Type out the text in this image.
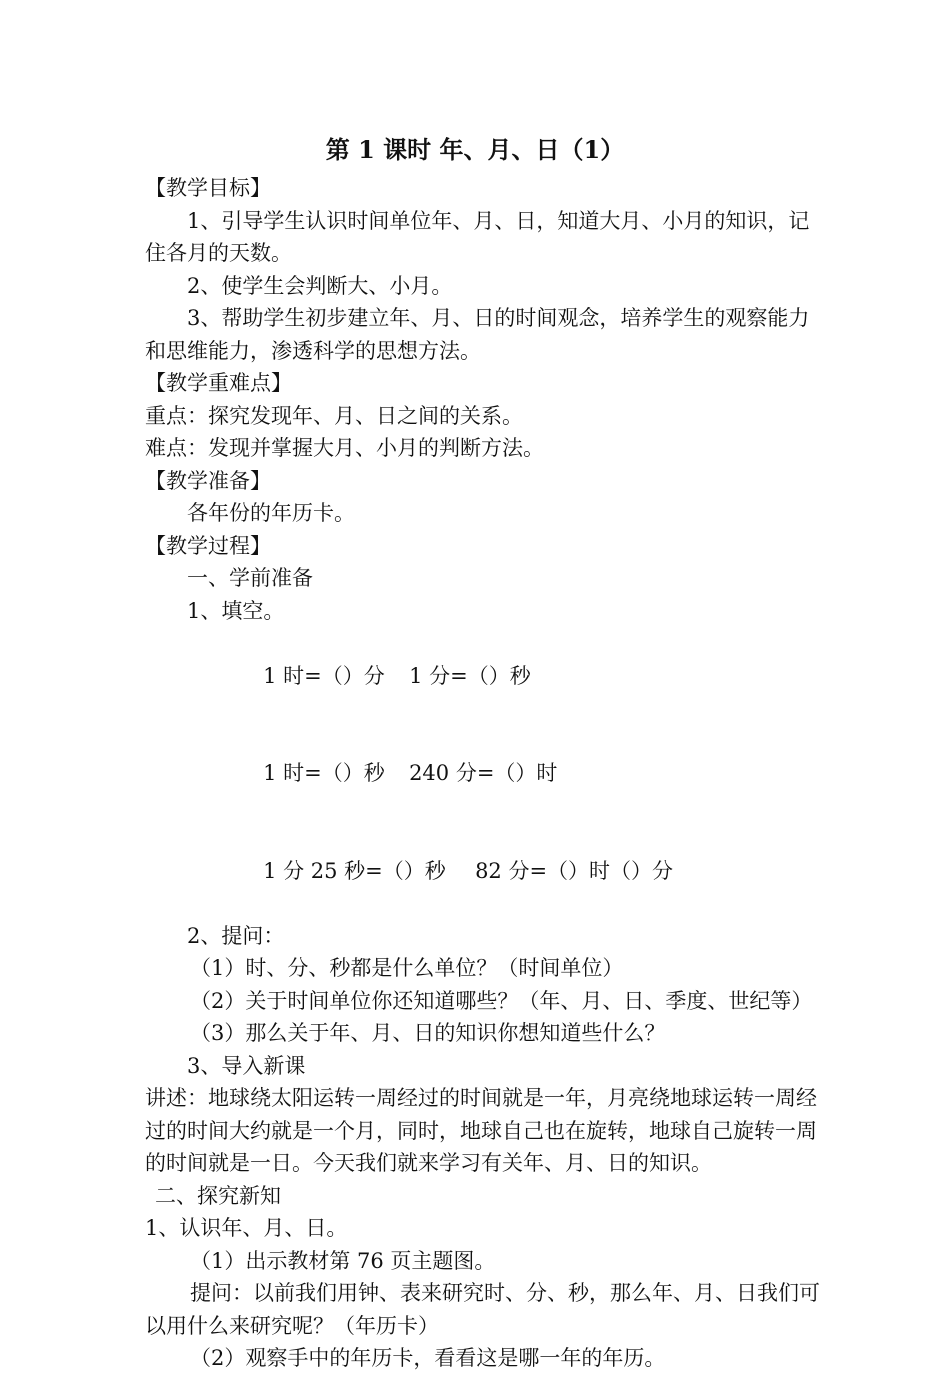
第 1 课时 年、月、日（1）

【教学目标】

1、引导学生认识时间单位年、月、日，知道大月、小月的知识，记住各月的天数。

2、使学生会判断大、小月。

3、帮助学生初步建立年、月、日的时间观念，培养学生的观察能力和思维能力，渗透科学的思想方法。

【教学重难点】

重点：探究发现年、月、日之间的关系。

难点：发现并掌握大月、小月的判断方法。

【教学准备】

各年份的年历卡。

【教学过程】

一、学前准备

1、填空。

1 时=（）分 1 分=（）秒

1 时=（）秒 240 分=（）时

1 分 25 秒=（）秒 82 分=（）时（）分

2、提问：

（1）时、分、秒都是什么单位？（时间单位）

（2）关于时间单位你还知道哪些？（年、月、日、季度、世纪等）

（3）那么关于年、月、日的知识你想知道些什么？

3、导入新课

讲述：地球绕太阳运转一周经过的时间就是一年，月亮绕地球运转一周经过的时间大约就是一个月，同时，地球自己也在旋转，地球自己旋转一周的时间就是一日。今天我们就来学习有关年、月、日的知识。

二、探究新知

1、认识年、月、日。

（1）出示教材第 76 页主题图。

提问：以前我们用钟、表来研究时、分、秒，那么年、月、日我们可以用什么来研究呢？（年历卡）

（2）观察手中的年历卡，看看这是哪一年的年历。
